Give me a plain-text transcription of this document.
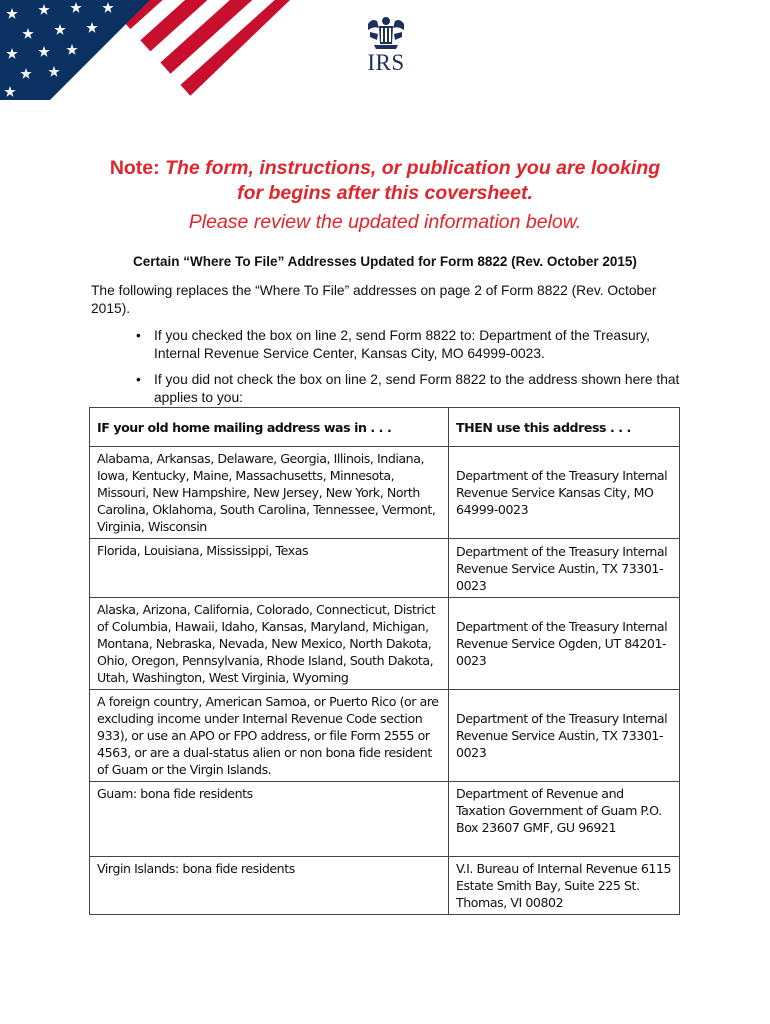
IRS
Note: The form, instructions, or publication you are looking
for begins after this coversheet.
Please review the updated information below.
Certain “Where To File” Addresses Updated for Form 8822 (Rev. October 2015)
The following replaces the “Where To File” addresses on page 2 of Form 8822 (Rev. October 2015).
• If you checked the box on line 2, send Form 8822 to: Department of the Treasury, Internal Revenue Service Center, Kansas City, MO 64999-0023.
• If you did not check the box on line 2, send Form 8822 to the address shown here that applies to you:
IF your old home mailing address was in . . .	THEN use this address . . .
Alabama, Arkansas, Delaware, Georgia, Illinois, Indiana, Iowa, Kentucky, Maine, Massachusetts, Minnesota, Missouri, New Hampshire, New Jersey, New York, North Carolina, Oklahoma, South Carolina, Tennessee, Vermont, Virginia, Wisconsin	Department of the Treasury Internal Revenue Service Kansas City, MO 64999-0023
Florida, Louisiana, Mississippi, Texas	Department of the Treasury Internal Revenue Service Austin, TX 73301-0023
Alaska, Arizona, California, Colorado, Connecticut, District of Columbia, Hawaii, Idaho, Kansas, Maryland, Michigan, Montana, Nebraska, Nevada, New Mexico, North Dakota, Ohio, Oregon, Pennsylvania, Rhode Island, South Dakota, Utah, Washington, West Virginia, Wyoming	Department of the Treasury Internal Revenue Service Ogden, UT 84201-0023
A foreign country, American Samoa, or Puerto Rico (or are excluding income under Internal Revenue Code section 933), or use an APO or FPO address, or file Form 2555 or 4563, or are a dual-status alien or non bona fide resident of Guam or the Virgin Islands.	Department of the Treasury Internal Revenue Service Austin, TX 73301-0023
Guam: bona fide residents	Department of Revenue and Taxation Government of Guam P.O. Box 23607 GMF, GU 96921
Virgin Islands: bona fide residents	V.I. Bureau of Internal Revenue 6115 Estate Smith Bay, Suite 225 St. Thomas, VI 00802
